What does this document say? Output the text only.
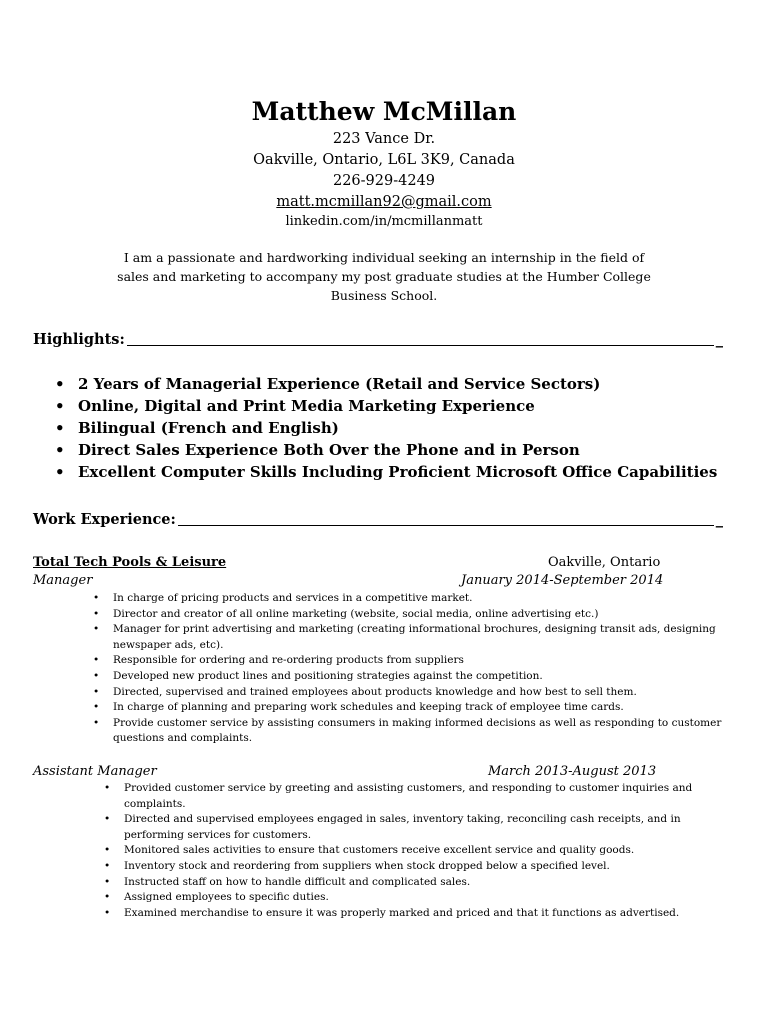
Matthew McMillan

223 Vance Dr.

Oakville, Ontario, L6L 3K9, Canada

226-929-4249

matt.mcmillan92@gmail.com

linkedin.com/in/mcmillanmatt

I am a passionate and hardworking individual seeking an internship in the field of sales and marketing to accompany my post graduate studies at the Humber College Business School.

Highlights:	_
• 2 Years of Managerial Experience (Retail and Service Sectors)
• Online, Digital and Print Media Marketing Experience
• Bilingual (French and English)
• Direct Sales Experience Both Over the Phone and in Person
• Excellent Computer Skills Including Proficient Microsoft Office Capabilities
Work Experience:	_
Total Tech Pools & Leisure	Oakville, Ontario
Manager	January 2014-September 2014
• In charge of pricing products and services in a competitive market.
• Director and creator of all online marketing (website, social media, online advertising etc.)
• Manager for print advertising and marketing (creating informational brochures, designing transit ads, designing newspaper ads, etc).
• Responsible for ordering and re-ordering products from suppliers
• Developed new product lines and positioning strategies against the competition.
• Directed, supervised and trained employees about products knowledge and how best to sell them.
• In charge of planning and preparing work schedules and keeping track of employee time cards.
• Provide customer service by assisting consumers in making informed decisions as well as responding to customer questions and complaints.
Assistant Manager	March 2013-August 2013
• Provided customer service by greeting and assisting customers, and responding to customer inquiries and complaints.
• Directed and supervised employees engaged in sales, inventory taking, reconciling cash receipts, and in performing services for customers.
• Monitored sales activities to ensure that customers receive excellent service and quality goods.
• Inventory stock and reordering from suppliers when stock dropped below a specified level.
• Instructed staff on how to handle difficult and complicated sales.
• Assigned employees to specific duties.
• Examined merchandise to ensure it was properly marked and priced and that it functions as advertised.
